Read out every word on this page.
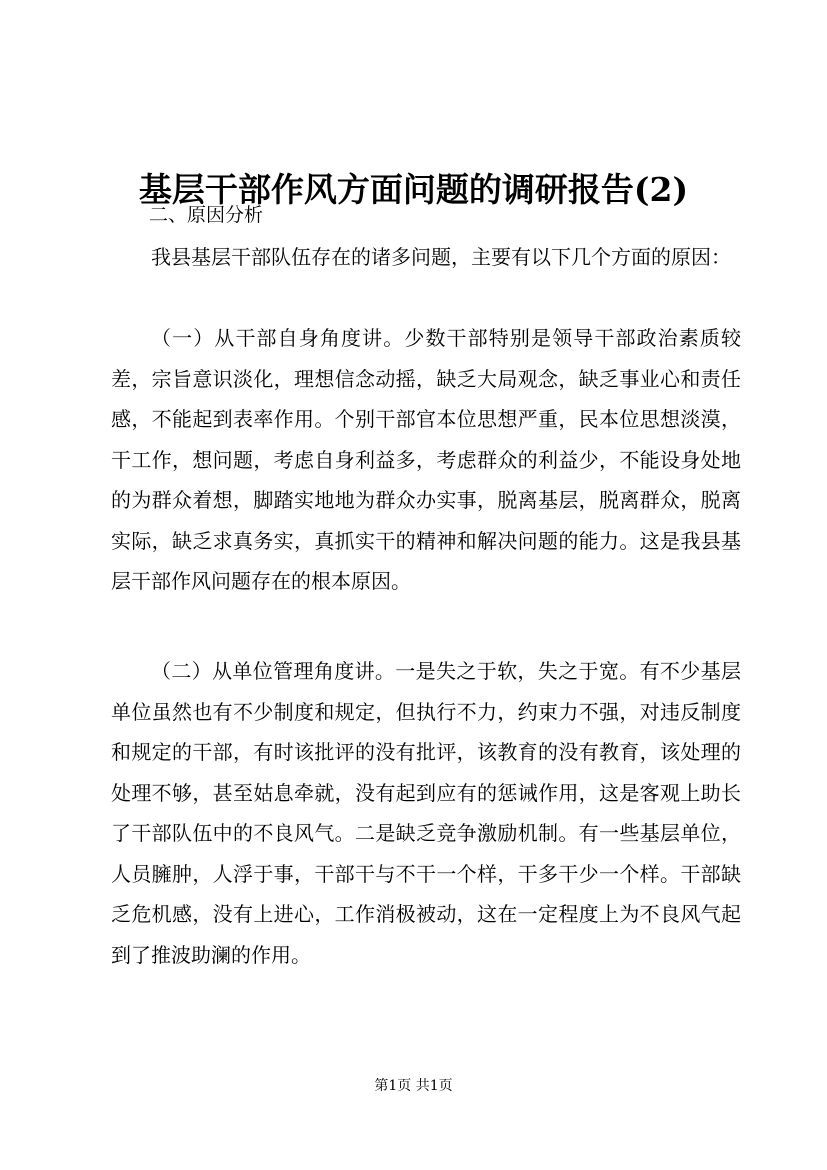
基层干部作风方面问题的调研报告(2)
二、原因分析

我县基层干部队伍存在的诸多问题，主要有以下几个方面的原因：

（一）从干部自身角度讲。少数干部特别是领导干部政治素质较差，宗旨意识淡化，理想信念动摇，缺乏大局观念，缺乏事业心和责任感，不能起到表率作用。个别干部官本位思想严重，民本位思想淡漠，干工作，想问题，考虑自身利益多，考虑群众的利益少，不能设身处地的为群众着想，脚踏实地地为群众办实事，脱离基层，脱离群众，脱离实际，缺乏求真务实，真抓实干的精神和解决问题的能力。这是我县基层干部作风问题存在的根本原因。

（二）从单位管理角度讲。一是失之于软，失之于宽。有不少基层单位虽然也有不少制度和规定，但执行不力，约束力不强，对违反制度和规定的干部，有时该批评的没有批评，该教育的没有教育，该处理的处理不够，甚至姑息牵就，没有起到应有的惩诫作用，这是客观上助长了干部队伍中的不良风气。二是缺乏竞争激励机制。有一些基层单位，人员臃肿，人浮于事，干部干与不干一个样，干多干少一个样。干部缺乏危机感，没有上进心，工作消极被动，这在一定程度上为不良风气起到了推波助澜的作用。

第1页 共1页
